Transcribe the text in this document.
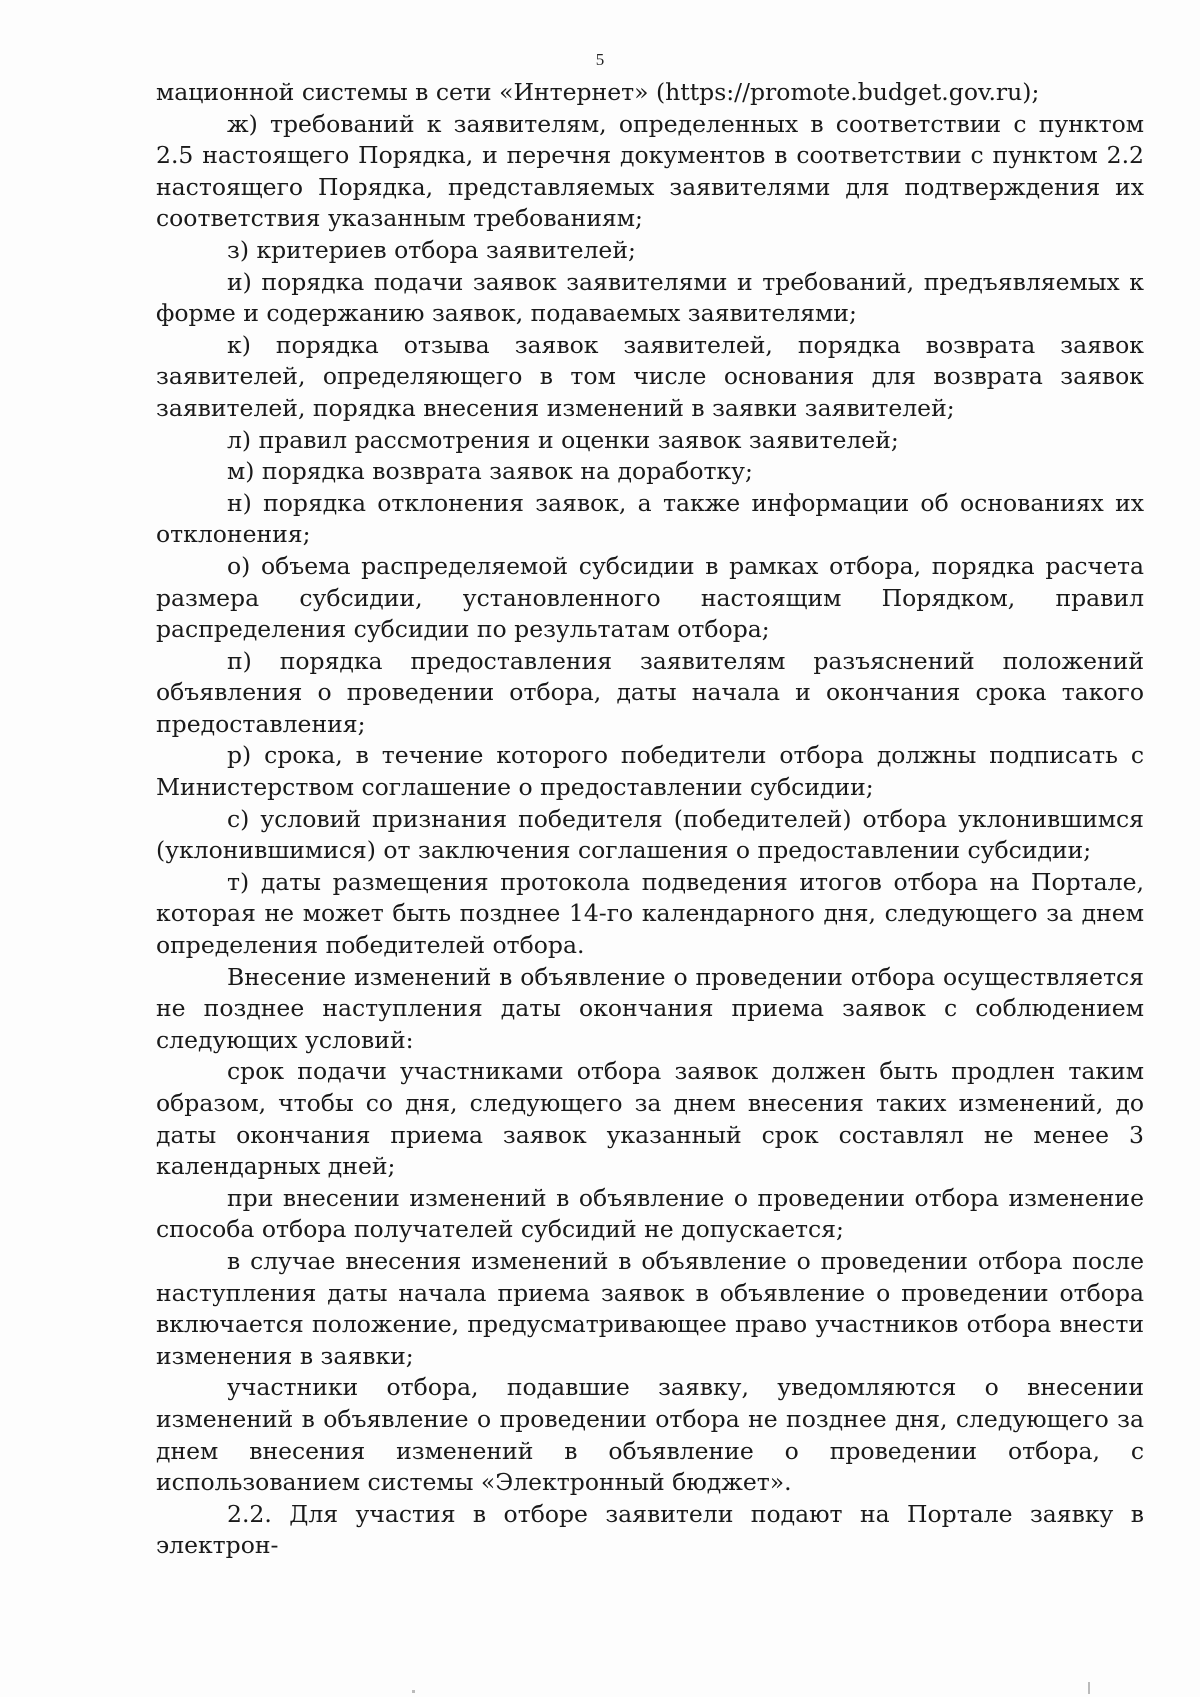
5

мационной системы в сети «Интернет» (https://promote.budget.gov.ru);

ж) требований к заявителям, определенных в соответствии с пунктом 2.5 настоящего Порядка, и перечня документов в соответствии с пунктом 2.2 настоящего Порядка, представляемых заявителями для подтверждения их соответствия указанным требованиям;

з) критериев отбора заявителей;

и) порядка подачи заявок заявителями и требований, предъявляемых к форме и содержанию заявок, подаваемых заявителями;

к) порядка отзыва заявок заявителей, порядка возврата заявок заявителей, определяющего в том числе основания для возврата заявок заявителей, порядка внесения изменений в заявки заявителей;

л) правил рассмотрения и оценки заявок заявителей;

м) порядка возврата заявок на доработку;

н) порядка отклонения заявок, а также информации об основаниях их отклонения;

о) объема распределяемой субсидии в рамках отбора, порядка расчета размера субсидии, установленного настоящим Порядком, правил распределения субсидии по результатам отбора;

п) порядка предоставления заявителям разъяснений положений объявления о проведении отбора, даты начала и окончания срока такого предоставления;

р) срока, в течение которого победители отбора должны подписать с Министерством соглашение о предоставлении субсидии;

с) условий признания победителя (победителей) отбора уклонившимся (уклонившимися) от заключения соглашения о предоставлении субсидии;

т) даты размещения протокола подведения итогов отбора на Портале, которая не может быть позднее 14-го календарного дня, следующего за днем определения победителей отбора.

Внесение изменений в объявление о проведении отбора осуществляется не позднее наступления даты окончания приема заявок с соблюдением следующих условий:

срок подачи участниками отбора заявок должен быть продлен таким образом, чтобы со дня, следующего за днем внесения таких изменений, до даты окончания приема заявок указанный срок составлял не менее 3 календарных дней;

при внесении изменений в объявление о проведении отбора изменение способа отбора получателей субсидий не допускается;

в случае внесения изменений в объявление о проведении отбора после наступления даты начала приема заявок в объявление о проведении отбора включается положение, предусматривающее право участников отбора внести изменения в заявки;

участники отбора, подавшие заявку, уведомляются о внесении изменений в объявление о проведении отбора не позднее дня, следующего за днем внесения изменений в объявление о проведении отбора, с использованием системы «Электронный бюджет».

2.2. Для участия в отборе заявители подают на Портале заявку в электрон-
